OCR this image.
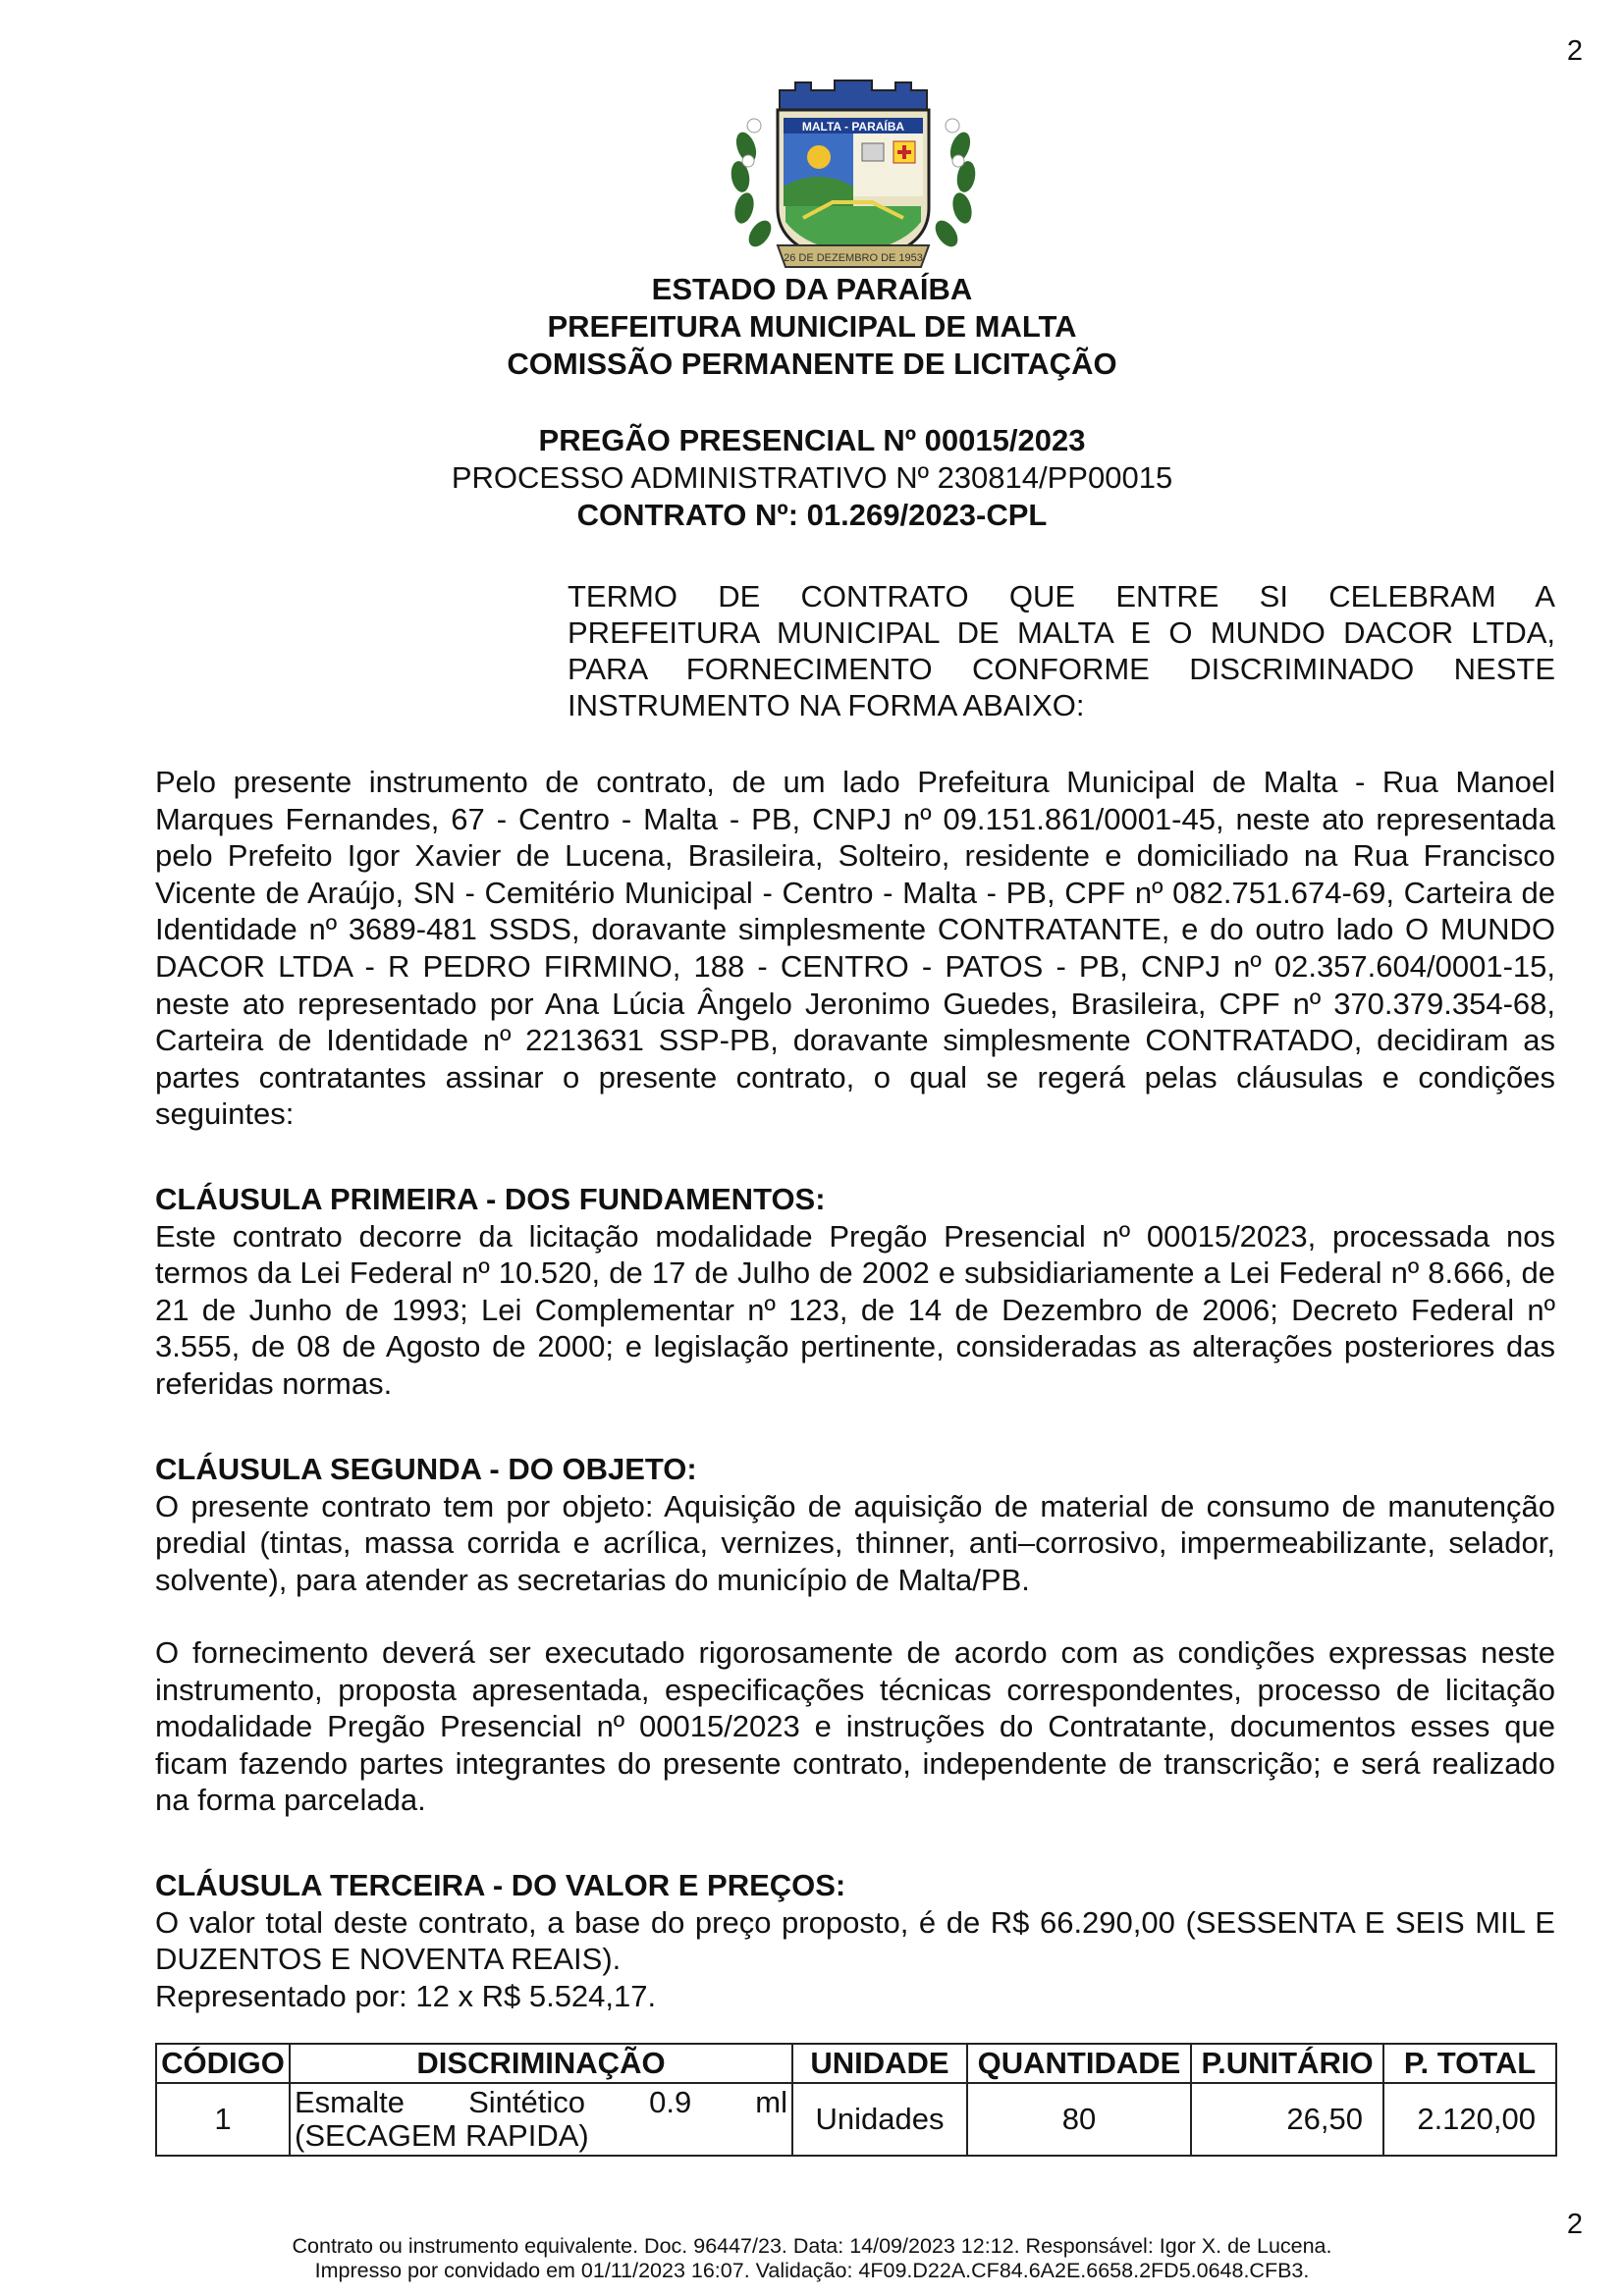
2
MALTA - PARAÍBA
26 DE DEZEMBRO DE 1953
ESTADO DA PARAÍBA
PREFEITURA MUNICIPAL DE MALTA
COMISSÃO PERMANENTE DE LICITAÇÃO
PREGÃO PRESENCIAL Nº 00015/2023
PROCESSO ADMINISTRATIVO Nº 230814/PP00015
CONTRATO Nº: 01.269/2023-CPL
TERMO DE CONTRATO QUE ENTRE SI CELEBRAM A
PREFEITURA MUNICIPAL DE MALTA E O MUNDO DACOR LTDA,
PARA FORNECIMENTO CONFORME DISCRIMINADO NESTE
INSTRUMENTO NA FORMA ABAIXO:
Pelo presente instrumento de contrato, de um lado Prefeitura Municipal de Malta - Rua Manoel Marques Fernandes, 67 - Centro - Malta - PB, CNPJ nº 09.151.861/0001-45, neste ato representada pelo Prefeito Igor Xavier de Lucena, Brasileira, Solteiro, residente e domiciliado na Rua Francisco Vicente de Araújo, SN - Cemitério Municipal - Centro - Malta - PB, CPF nº 082.751.674-69, Carteira de Identidade nº 3689-481 SSDS, doravante simplesmente CONTRATANTE, e do outro lado O MUNDO DACOR LTDA - R PEDRO FIRMINO, 188 - CENTRO - PATOS - PB, CNPJ nº 02.357.604/0001-15, neste ato representado por Ana Lúcia Ângelo Jeronimo Guedes, Brasileira, CPF nº 370.379.354-68, Carteira de Identidade nº 2213631 SSP-PB, doravante simplesmente CONTRATADO, decidiram as partes contratantes assinar o presente contrato, o qual se regerá pelas cláusulas e condições seguintes:
CLÁUSULA PRIMEIRA - DOS FUNDAMENTOS:
Este contrato decorre da licitação modalidade Pregão Presencial nº 00015/2023, processada nos termos da Lei Federal nº 10.520, de 17 de Julho de 2002 e subsidiariamente a Lei Federal nº 8.666, de 21 de Junho de 1993; Lei Complementar nº 123, de 14 de Dezembro de 2006; Decreto Federal nº 3.555, de 08 de Agosto de 2000; e legislação pertinente, consideradas as alterações posteriores das referidas normas.
CLÁUSULA SEGUNDA - DO OBJETO:
O presente contrato tem por objeto: Aquisição de aquisição de material de consumo de manutenção predial (tintas, massa corrida e acrílica, vernizes, thinner, anti–corrosivo, impermeabilizante, selador, solvente), para atender as secretarias do município de Malta/PB.
O fornecimento deverá ser executado rigorosamente de acordo com as condições expressas neste instrumento, proposta apresentada, especificações técnicas correspondentes, processo de licitação modalidade Pregão Presencial nº 00015/2023 e instruções do Contratante, documentos esses que ficam fazendo partes integrantes do presente contrato, independente de transcrição; e será realizado na forma parcelada.
CLÁUSULA TERCEIRA - DO VALOR E PREÇOS:
O valor total deste contrato, a base do preço proposto, é de R$ 66.290,00 (SESSENTA E SEIS MIL E DUZENTOS E NOVENTA REAIS).
Representado por: 12 x R$ 5.524,17.
CÓDIGO	DISCRIMINAÇÃO	UNIDADE	QUANTIDADE	P.UNITÁRIO	P. TOTAL
1	Esmalte Sintético 0.9 ml (SECAGEM RAPIDA)	Unidades	80	26,50	2.120,00
2
Contrato ou instrumento equivalente. Doc. 96447/23. Data: 14/09/2023 12:12. Responsável: Igor X. de Lucena.
Impresso por convidado em 01/11/2023 16:07. Validação: 4F09.D22A.CF84.6A2E.6658.2FD5.0648.CFB3.
